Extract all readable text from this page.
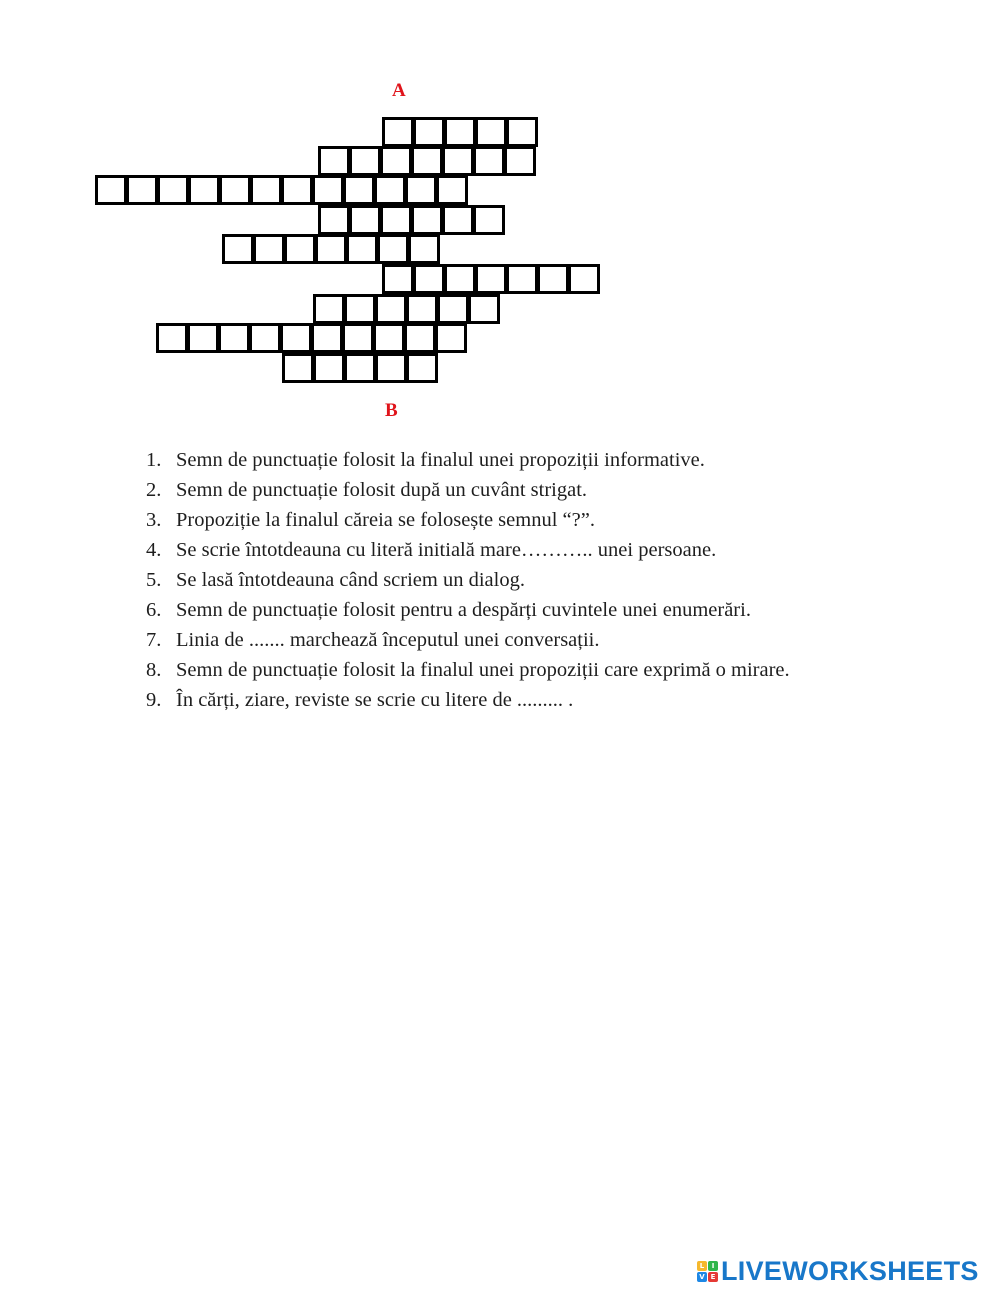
A
B
1. Semn de punctuație folosit la finalul unei propoziții informative.
2. Semn de punctuație folosit după un cuvânt strigat.
3. Propoziție la finalul căreia se folosește semnul “?”.
4. Se scrie întotdeauna cu literă initială mare……….. unei persoane.
5. Se lasă întotdeauna când scriem un dialog.
6. Semn de punctuație folosit pentru a despărți cuvintele unei enumerări.
7. Linia de ....... marchează începutul unei conversații.
8. Semn de punctuație folosit la finalul unei propoziții care exprimă o mirare.
9. În cărți, ziare, reviste se scrie cu litere de ......... .
L	I
V E LIVEWORKSHEETS
